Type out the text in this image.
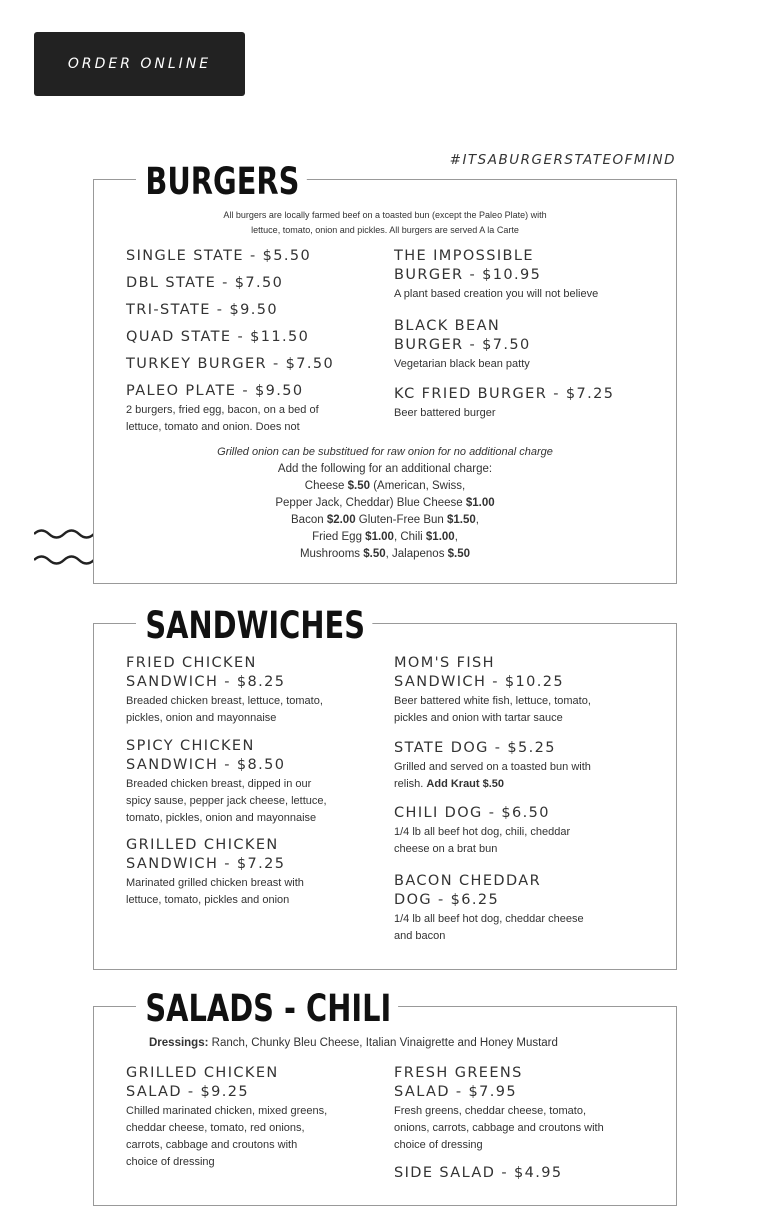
ORDER ONLINE
#ITSABURGERSTATEOFMIND
BURGERS
All burgers are locally farmed beef on a toasted bun (except the Paleo Plate) with
lettuce, tomato, onion and pickles. All burgers are served A la Carte
SINGLE STATE - $5.50
DBL STATE - $7.50
TRI-STATE - $9.50
QUAD STATE - $11.50
TURKEY BURGER - $7.50
PALEO PLATE - $9.50
2 burgers, fried egg, bacon, on a bed of
lettuce, tomato and onion. Does not
THE IMPOSSIBLE
BURGER - $10.95
A plant based creation you will not believe
BLACK BEAN
BURGER - $7.50
Vegetarian black bean patty
KC FRIED BURGER - $7.25
Beer battered burger
Grilled onion can be substitued for raw onion for no additional charge
Add the following for an additional charge:
Cheese $.50 (American, Swiss,
Pepper Jack, Cheddar) Blue Cheese $1.00
Bacon $2.00 Gluten-Free Bun $1.50,
Fried Egg $1.00, Chili $1.00,
Mushrooms $.50, Jalapenos $.50
SANDWICHES
FRIED CHICKEN
SANDWICH - $8.25
Breaded chicken breast, lettuce, tomato,
pickles, onion and mayonnaise
SPICY CHICKEN
SANDWICH - $8.50
Breaded chicken breast, dipped in our
spicy sause, pepper jack cheese, lettuce,
tomato, pickles, onion and mayonnaise
GRILLED CHICKEN
SANDWICH - $7.25
Marinated grilled chicken breast with
lettuce, tomato, pickles and onion
MOM'S FISH
SANDWICH - $10.25
Beer battered white fish, lettuce, tomato,
pickles and onion with tartar sauce
STATE DOG - $5.25
Grilled and served on a toasted bun with
relish. Add Kraut $.50
CHILI DOG - $6.50
1/4 lb all beef hot dog, chili, cheddar
cheese on a brat bun
BACON CHEDDAR
DOG - $6.25
1/4 lb all beef hot dog, cheddar cheese
and bacon
SALADS - CHILI
Dressings: Ranch, Chunky Bleu Cheese, Italian Vinaigrette and Honey Mustard
GRILLED CHICKEN
SALAD - $9.25
Chilled marinated chicken, mixed greens,
cheddar cheese, tomato, red onions,
carrots, cabbage and croutons with
choice of dressing
FRESH GREENS
SALAD - $7.95
Fresh greens, cheddar cheese, tomato,
onions, carrots, cabbage and croutons with
choice of dressing
SIDE SALAD - $4.95
